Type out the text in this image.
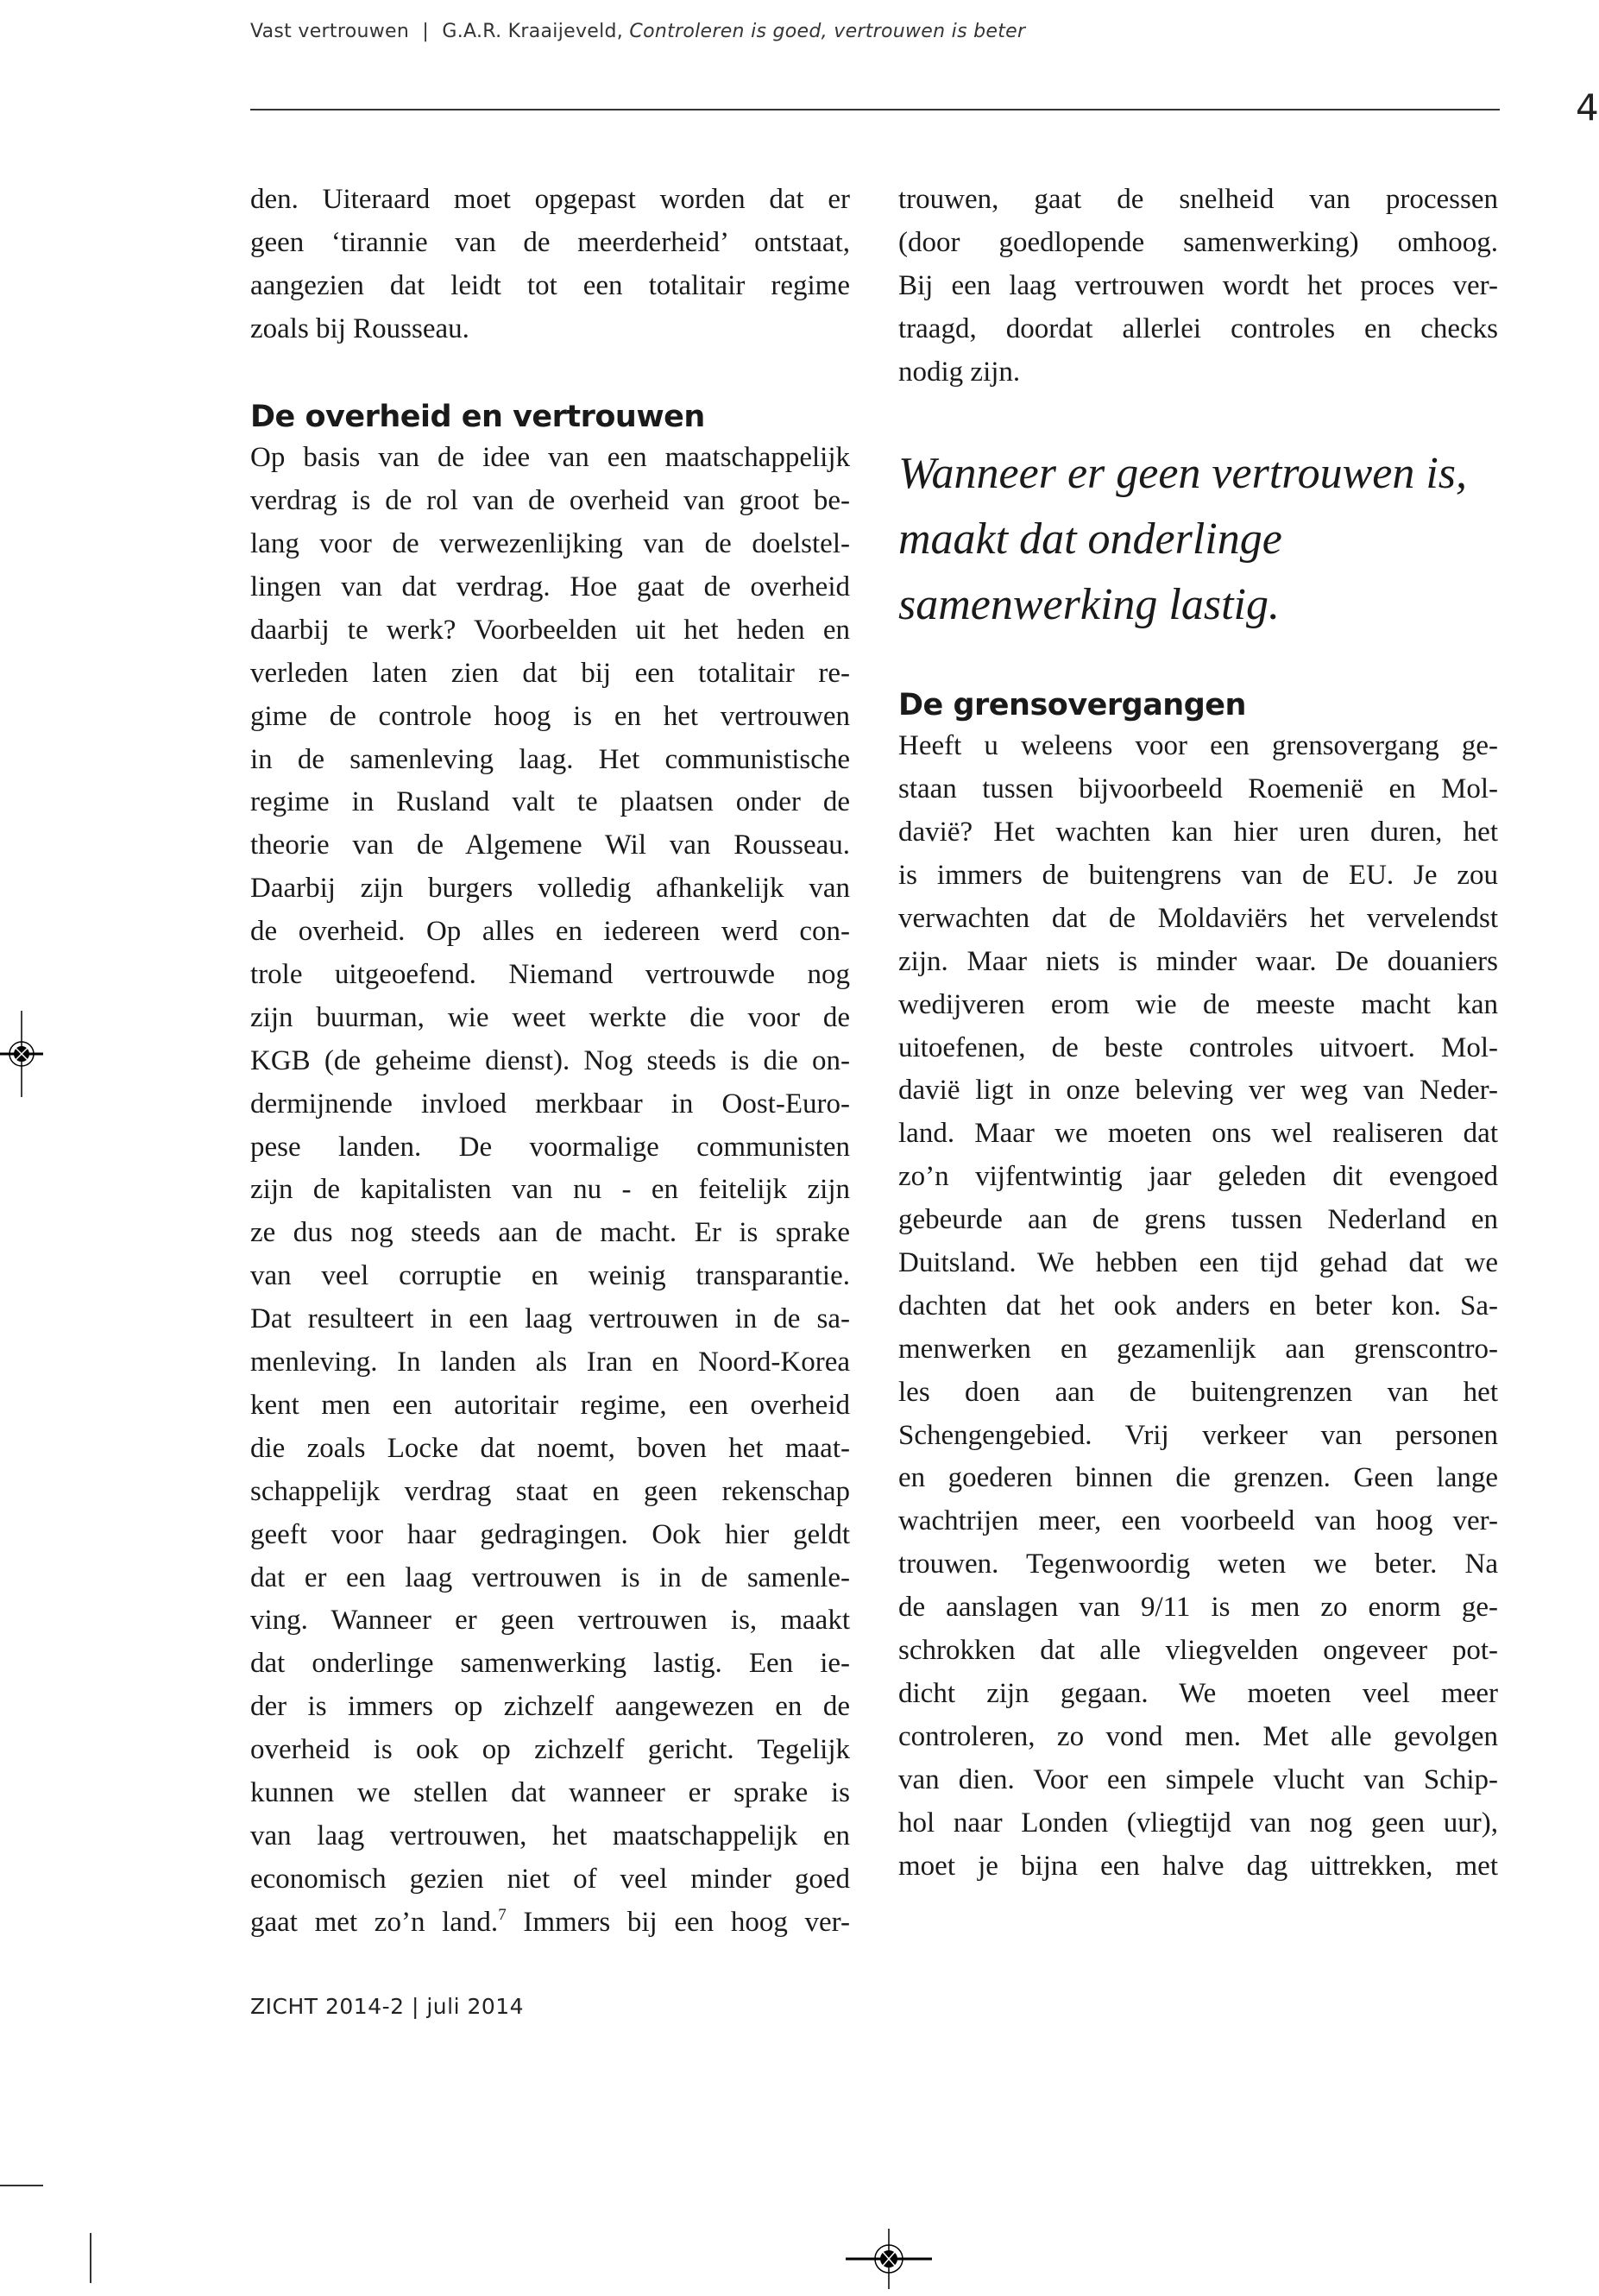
Vast vertrouwen | G.A.R. Kraaijeveld, Controleren is goed, vertrouwen is beter
4
den. Uiteraard moet opgepast worden dat er
geen ‘tirannie van de meerderheid’ ontstaat,
aangezien dat leidt tot een totalitair regime
zoals bij Rousseau.
De overheid en vertrouwen
Op basis van de idee van een maatschappelijk
verdrag is de rol van de overheid van groot be-
lang voor de verwezenlijking van de doelstel-
lingen van dat verdrag. Hoe gaat de overheid
daarbij te werk? Voorbeelden uit het heden en
verleden laten zien dat bij een totalitair re-
gime de controle hoog is en het vertrouwen
in de samenleving laag. Het communistische
regime in Rusland valt te plaatsen onder de
theorie van de Algemene Wil van Rousseau.
Daarbij zijn burgers volledig afhankelijk van
de overheid. Op alles en iedereen werd con-
trole uitgeoefend. Niemand vertrouwde nog
zijn buurman, wie weet werkte die voor de
KGB (de geheime dienst). Nog steeds is die on-
dermijnende invloed merkbaar in Oost-Euro-
pese landen. De voormalige communisten
zijn de kapitalisten van nu - en feitelijk zijn
ze dus nog steeds aan de macht. Er is sprake
van veel corruptie en weinig transparantie.
Dat resulteert in een laag vertrouwen in de sa-
menleving. In landen als Iran en Noord-Korea
kent men een autoritair regime, een overheid
die zoals Locke dat noemt, boven het maat-
schappelijk verdrag staat en geen rekenschap
geeft voor haar gedragingen. Ook hier geldt
dat er een laag vertrouwen is in de samenle-
ving. Wanneer er geen vertrouwen is, maakt
dat onderlinge samenwerking lastig. Een ie-
der is immers op zichzelf aangewezen en de
overheid is ook op zichzelf gericht. Tegelijk
kunnen we stellen dat wanneer er sprake is
van laag vertrouwen, het maatschappelijk en
economisch gezien niet of veel minder goed
gaat met zo’n land.$^7$ Immers bij een hoog ver-
trouwen, gaat de snelheid van processen
(door goedlopende samenwerking) omhoog.
Bij een laag vertrouwen wordt het proces ver-
traagd, doordat allerlei controles en checks
nodig zijn.
Wanneer er geen vertrouwen is,
maakt dat onderlinge
samenwerking lastig.
De grensovergangen
Heeft u weleens voor een grensovergang ge-
staan tussen bijvoorbeeld Roemenië en Mol-
davië? Het wachten kan hier uren duren, het
is immers de buitengrens van de EU. Je zou
verwachten dat de Moldaviërs het vervelendst
zijn. Maar niets is minder waar. De douaniers
wedijveren erom wie de meeste macht kan
uitoefenen, de beste controles uitvoert. Mol-
davië ligt in onze beleving ver weg van Neder-
land. Maar we moeten ons wel realiseren dat
zo’n vijfentwintig jaar geleden dit evengoed
gebeurde aan de grens tussen Nederland en
Duitsland. We hebben een tijd gehad dat we
dachten dat het ook anders en beter kon. Sa-
menwerken en gezamenlijk aan grenscontro-
les doen aan de buitengrenzen van het
Schengengebied. Vrij verkeer van personen
en goederen binnen die grenzen. Geen lange
wachtrijen meer, een voorbeeld van hoog ver-
trouwen. Tegenwoordig weten we beter. Na
de aanslagen van 9/11 is men zo enorm ge-
schrokken dat alle vliegvelden ongeveer pot-
dicht zijn gegaan. We moeten veel meer
controleren, zo vond men. Met alle gevolgen
van dien. Voor een simpele vlucht van Schip-
hol naar Londen (vliegtijd van nog geen uur),
moet je bijna een halve dag uittrekken, met
ZICHT 2014-2 | juli 2014
